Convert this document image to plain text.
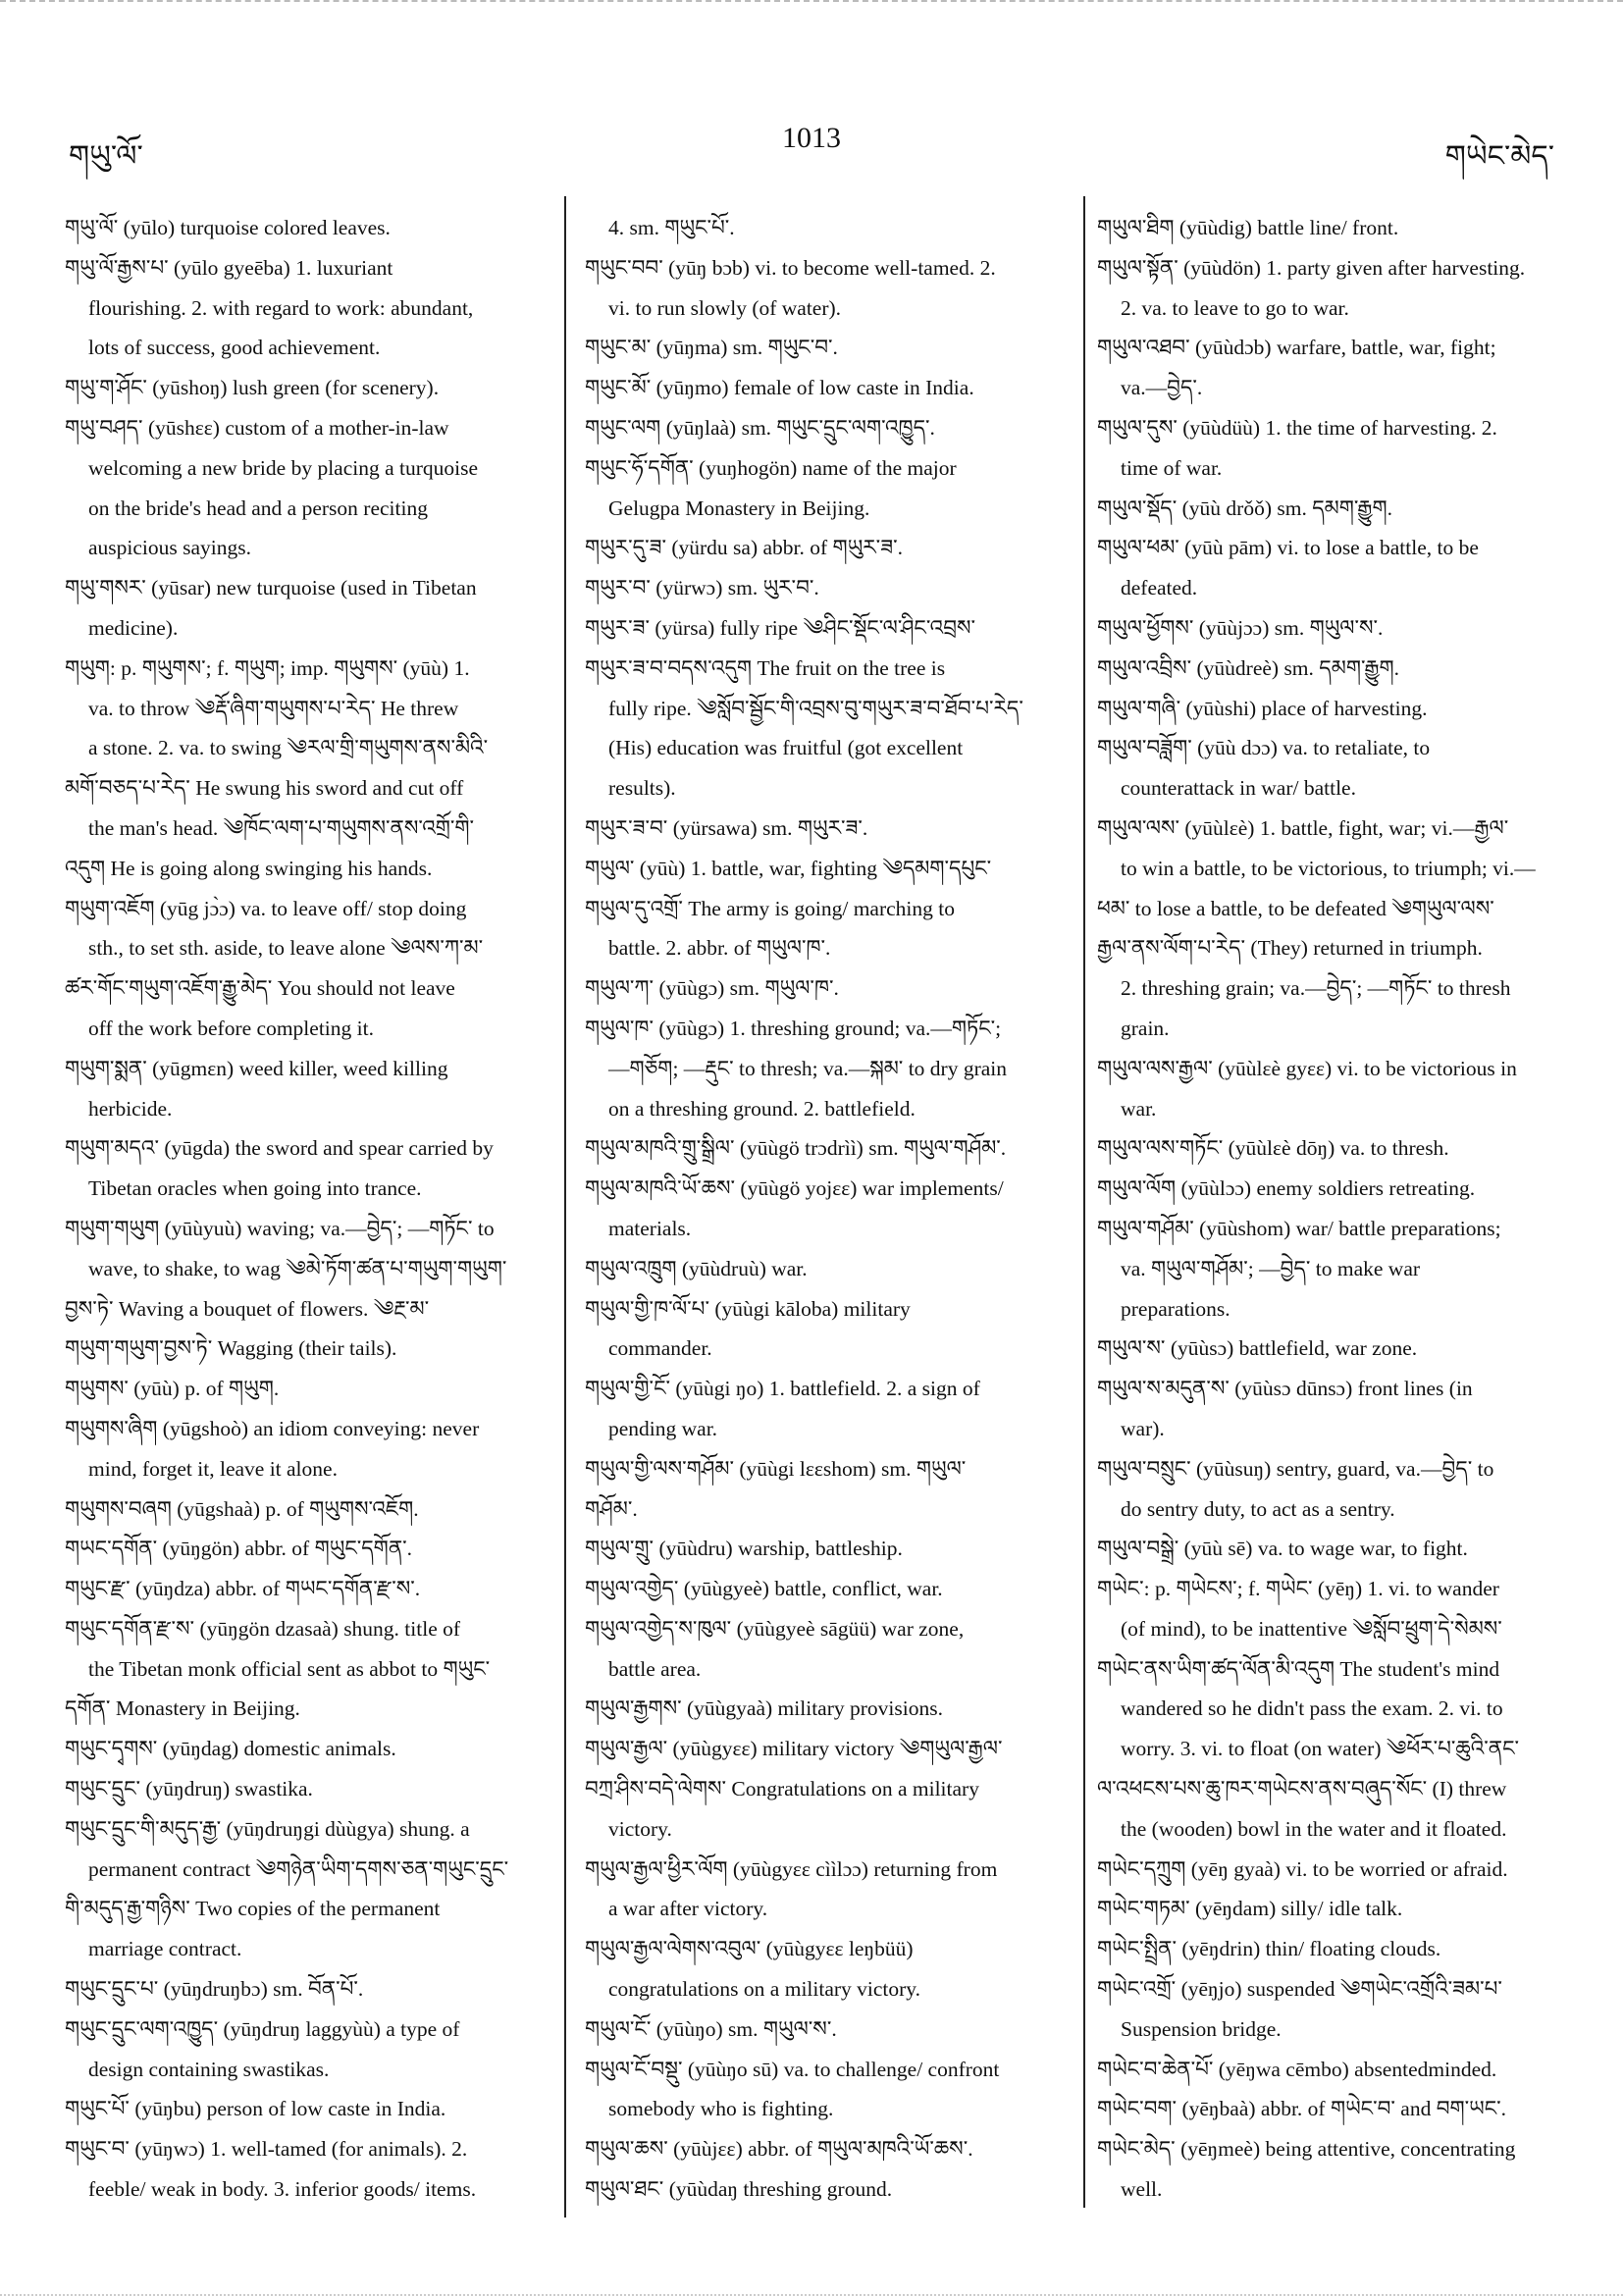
གཡུ་ལོ་
1013
གཡེང་མེད་
གཡུ་ལོ་ (yūlo) turquoise colored leaves.
གཡུ་ལོ་རྒྱས་པ་ (yūlo gyeēba) 1. luxuriant
flourishing. 2. with regard to work: abundant,
lots of success, good achievement.
གཡུ་ག་ཤོང་ (yūshoŋ) lush green (for scenery).
གཡུ་བཤད་ (yūshεε) custom of a mother-in-law
welcoming a new bride by placing a turquoise
on the bride's head and a person reciting
auspicious sayings.
གཡུ་གསར་ (yūsar) new turquoise (used in Tibetan
medicine).
གཡུག: p. གཡུགས་; f. གཡུག; imp. གཡུགས་ (yūù) 1.
va. to throw ༄རྡོ་ཞིག་གཡུགས་པ་རེད་ He threw
a stone. 2. va. to swing ༄རལ་གྲི་གཡུགས་ནས་མིའི་
མགོ་བཅད་པ་རེད་ He swung his sword and cut off
the man's head. ༄ཁོང་ལག་པ་གཡུགས་ནས་འགྲོ་གི་
འདུག He is going along swinging his hands.
གཡུག་འཇོག (yūg jɔ̀ɔ) va. to leave off/ stop doing
sth., to set sth. aside, to leave alone ༄ལས་ཀ་མ་
ཚར་གོང་གཡུག་འཇོག་རྒྱུ་མེད་ You should not leave
off the work before completing it.
གཡུག་སྨན་ (yūgmεn) weed killer, weed killing
herbicide.
གཡུག་མདའ་ (yūgda) the sword and spear carried by
Tibetan oracles when going into trance.
གཡུག་གཡུག (yūùyuù) waving; va.—བྱེད་; —གཏོང་ to
wave, to shake, to wag ༄མེ་ཏོག་ཚན་པ་གཡུག་གཡུག་
བྱས་ཏེ་ Waving a bouquet of flowers. ༄རྔ་མ་
གཡུག་གཡུག་བྱས་ཏེ་ Wagging (their tails).
གཡུགས་ (yūù) p. of གཡུག.
གཡུགས་ཞིག (yūgshoò) an idiom conveying: never
mind, forget it, leave it alone.
གཡུགས་བཞག (yūgshaà) p. of གཡུགས་འཇོག.
གཡང་དགོན་ (yūŋgön) abbr. of གཡུང་དགོན་.
གཡུང་རྫ་ (yūŋdza) abbr. of གཡང་དགོན་རྫ་ས་.
གཡུང་དགོན་རྫ་ས་ (yūŋgön dzasaà) shung. title of
the Tibetan monk official sent as abbot to གཡུང་
དགོན་ Monastery in Beijing.
གཡུང་དྭགས་ (yūŋdag) domestic animals.
གཡུང་དྲུང་ (yūŋdruŋ) swastika.
གཡུང་དྲུང་གི་མདུད་རྒྱ་ (yūŋdruŋgi dùùgya) shung. a
permanent contract ༄གཉེན་ཡིག་དགས་ཅན་གཡུང་དྲུང་
གི་མདུད་རྒྱ་གཉིས་ Two copies of the permanent
marriage contract.
གཡུང་དྲུང་པ་ (yūŋdruŋbɔ) sm. བོན་པོ་.
གཡུང་དྲུང་ལག་འཁྱུད་ (yūŋdruŋ laggyùù) a type of
design containing swastikas.
གཡུང་པོ་ (yūŋbu) person of low caste in India.
གཡུང་བ་ (yūŋwɔ) 1. well-tamed (for animals). 2.
feeble/ weak in body. 3. inferior goods/ items.
4. sm. གཡུང་པོ་.
གཡུང་བབ་ (yūŋ bɔb) vi. to become well-tamed. 2.
vi. to run slowly (of water).
གཡུང་མ་ (yūŋma) sm. གཡུང་བ་.
གཡུང་མོ་ (yūŋmo) female of low caste in India.
གཡུང་ལག (yūŋlaà) sm. གཡུང་དྲུང་ལག་འཁྱུད་.
གཡུང་ཧོ་དགོན་ (yuŋhogön) name of the major
Gelugpa Monastery in Beijing.
གཡུར་དུ་ཟ་ (yürdu sa) abbr. of གཡུར་ཟ་.
གཡུར་བ་ (yürwɔ) sm. ཡུར་བ་.
གཡུར་ཟ་ (yürsa) fully ripe ༄ཤིང་སྡོང་ལ་ཤིང་འབྲས་
གཡུར་ཟ་བ་བདས་འདུག The fruit on the tree is
fully ripe. ༄སློབ་སྦྱོང་གི་འབྲས་བུ་གཡུར་ཟ་བ་ཐོབ་པ་རེད་
(His) education was fruitful (got excellent
results).
གཡུར་ཟ་བ་ (yürsawa) sm. གཡུར་ཟ་.
གཡུལ་ (yūù) 1. battle, war, fighting ༄དམག་དཔུང་
གཡུལ་དུ་འགྲོ་ The army is going/ marching to
battle. 2. abbr. of གཡུལ་ཁ་.
གཡུལ་ཀ་ (yūùgɔ) sm. གཡུལ་ཁ་.
གཡུལ་ཁ་ (yūùgɔ) 1. threshing ground; va.—གཏོང་;
—གཅོག; —རྡུང་ to thresh; va.—སྐམ་ to dry grain
on a threshing ground. 2. battlefield.
གཡུལ་མཁའི་གྲུ་སྒྲིལ་ (yūùgö trɔdrìì) sm. གཡུལ་གཤོམ་.
གཡུལ་མཁའི་ཡོ་ཆས་ (yūùgö yojεε) war implements/
materials.
གཡུལ་འཁྲུག (yūùdruù) war.
གཡུལ་གྱི་ཁ་ལོ་པ་ (yūùgi kāloba) military
commander.
གཡུལ་གྱི་ངོ་ (yūùgi ŋo) 1. battlefield. 2. a sign of
pending war.
གཡུལ་གྱི་ལས་གཤོམ་ (yūùgi lεεshom) sm. གཡུལ་
གཤོམ་.
གཡུལ་གྲུ་ (yūùdru) warship, battleship.
གཡུལ་འགྱེད་ (yūùgyeè) battle, conflict, war.
གཡུལ་འགྱེད་ས་ཁུལ་ (yūùgyeè sāgüü) war zone,
battle area.
གཡུལ་རྒྱགས་ (yūùgyaà) military provisions.
གཡུལ་རྒྱལ་ (yūùgyεε) military victory ༄གཡུལ་རྒྱལ་
བཀྲ་ཤིས་བདེ་ལེགས་ Congratulations on a military
victory.
གཡུལ་རྒྱལ་ཕྱིར་ལོག (yūùgyεε cììlɔɔ) returning from
a war after victory.
གཡུལ་རྒྱལ་ལེགས་འབུལ་ (yūùgyεε leŋbüü)
congratulations on a military victory.
གཡུལ་ངོ་ (yūùŋo) sm. གཡུལ་ས་.
གཡུལ་ངོ་བསྡུ་ (yūùŋo sū) va. to challenge/ confront
somebody who is fighting.
གཡུལ་ཆས་ (yūùjεε) abbr. of གཡུལ་མཁའི་ཡོ་ཆས་.
གཡུལ་ཐང་ (yūùdaŋ threshing ground.
གཡུལ་ཐིག (yūùdig) battle line/ front.
གཡུལ་སྟོན་ (yūùdön) 1. party given after harvesting.
2. va. to leave to go to war.
གཡུལ་འཐབ་ (yūùdɔb) warfare, battle, war, fight;
va.—བྱེད་.
གཡུལ་དུས་ (yūùdüù) 1. the time of harvesting. 2.
time of war.
གཡུལ་སྡོད་ (yūù drǒǒ) sm. དམག་རྒྱུག.
གཡུལ་ཕམ་ (yūù pām) vi. to lose a battle, to be
defeated.
གཡུལ་ཕྱོགས་ (yūùjɔɔ) sm. གཡུལ་ས་.
གཡུལ་འབྲིས་ (yūùdreè) sm. དམག་རྒྱུག.
གཡུལ་གཞི་ (yūùshi) place of harvesting.
གཡུལ་བཟློག་ (yūù dɔɔ) va. to retaliate, to
counterattack in war/ battle.
གཡུལ་ལས་ (yūùlεè) 1. battle, fight, war; vi.—རྒྱལ་
to win a battle, to be victorious, to triumph; vi.—
ཕམ་ to lose a battle, to be defeated ༄གཡུལ་ལས་
རྒྱལ་ནས་ལོག་པ་རེད་ (They) returned in triumph.
2. threshing grain; va.—བྱེད་; —གཏོང་ to thresh
grain.
གཡུལ་ལས་རྒྱལ་ (yūùlεè gyεε) vi. to be victorious in
war.
གཡུལ་ལས་གཏོང་ (yūùlεè dōŋ) va. to thresh.
གཡུལ་ལོག (yūùlɔɔ) enemy soldiers retreating.
གཡུལ་གཤོམ་ (yūùshom) war/ battle preparations;
va. གཡུལ་གཤོམ་; —བྱེད་ to make war
preparations.
གཡུལ་ས་ (yūùsɔ) battlefield, war zone.
གཡུལ་ས་མདུན་ས་ (yūùsɔ dūnsɔ) front lines (in
war).
གཡུལ་བསྲུང་ (yūùsuŋ) sentry, guard, va.—བྱེད་ to
do sentry duty, to act as a sentry.
གཡུལ་བསྒྲེ་ (yūù sē) va. to wage war, to fight.
གཡེང་: p. གཡེངས་; f. གཡེང་ (yēŋ) 1. vi. to wander
(of mind), to be inattentive ༄སློབ་ཕྲུག་དེ་སེམས་
གཡེང་ནས་ཡིག་ཚད་ལོན་མི་འདུག The student's mind
wandered so he didn't pass the exam. 2. vi. to
worry. 3. vi. to float (on water) ༄ཕོར་པ་ཆུའི་ནང་
ལ་འཕངས་པས་ཆུ་ཁར་གཡེངས་ནས་བཞུད་སོང་ (I) threw
the (wooden) bowl in the water and it floated.
གཡེང་དཀྲུག (yēŋ gyaà) vi. to be worried or afraid.
གཡེང་གཏམ་ (yēŋdam) silly/ idle talk.
གཡེང་སྤྲིན་ (yēŋdrin) thin/ floating clouds.
གཡེང་འགྲོ་ (yēŋjo) suspended ༄གཡེང་འགྲོའི་ཟམ་པ་
Suspension bridge.
གཡེང་བ་ཆེན་པོ་ (yēŋwa cēmbo) absentedminded.
གཡེང་བག་ (yēŋbaà) abbr. of གཡེང་བ་ and བག་ཡང་.
གཡེང་མེད་ (yēŋmeè) being attentive, concentrating
well.
